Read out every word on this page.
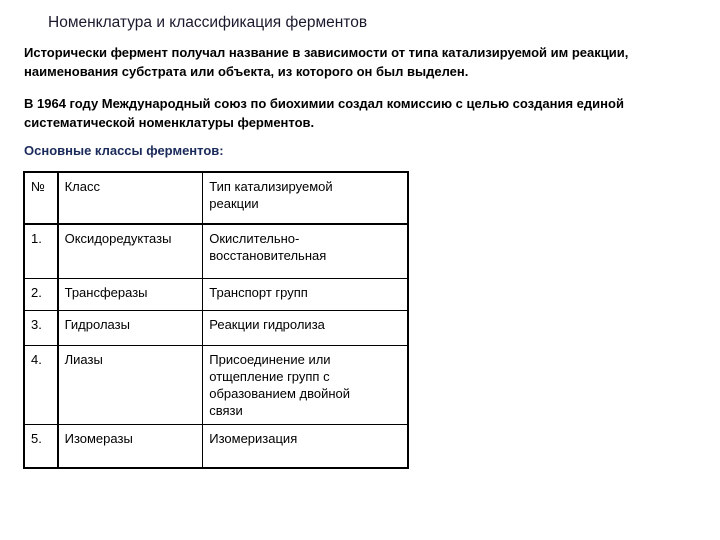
Номенклатура и классификация ферментов
Исторически фермент получал название в зависимости от типа катализируемой им реакции, наименования субстрата или объекта, из которого он был выделен.
В 1964 году Международный союз по биохимии создал комиссию с целью создания единой систематической номенклатуры ферментов.
Основные классы ферментов:
№	Класс	Тип катализируемой
реакции

1.	Оксидоредуктазы	Окислительно-
восстановительная

2.	Трансферазы	Транспорт групп

3.	Гидролазы	Реакции гидролиза

4.	Лиазы	Присоединение или
отщепление групп с
образованием двойной
связи

5.	Изомеразы	Изомеризация
